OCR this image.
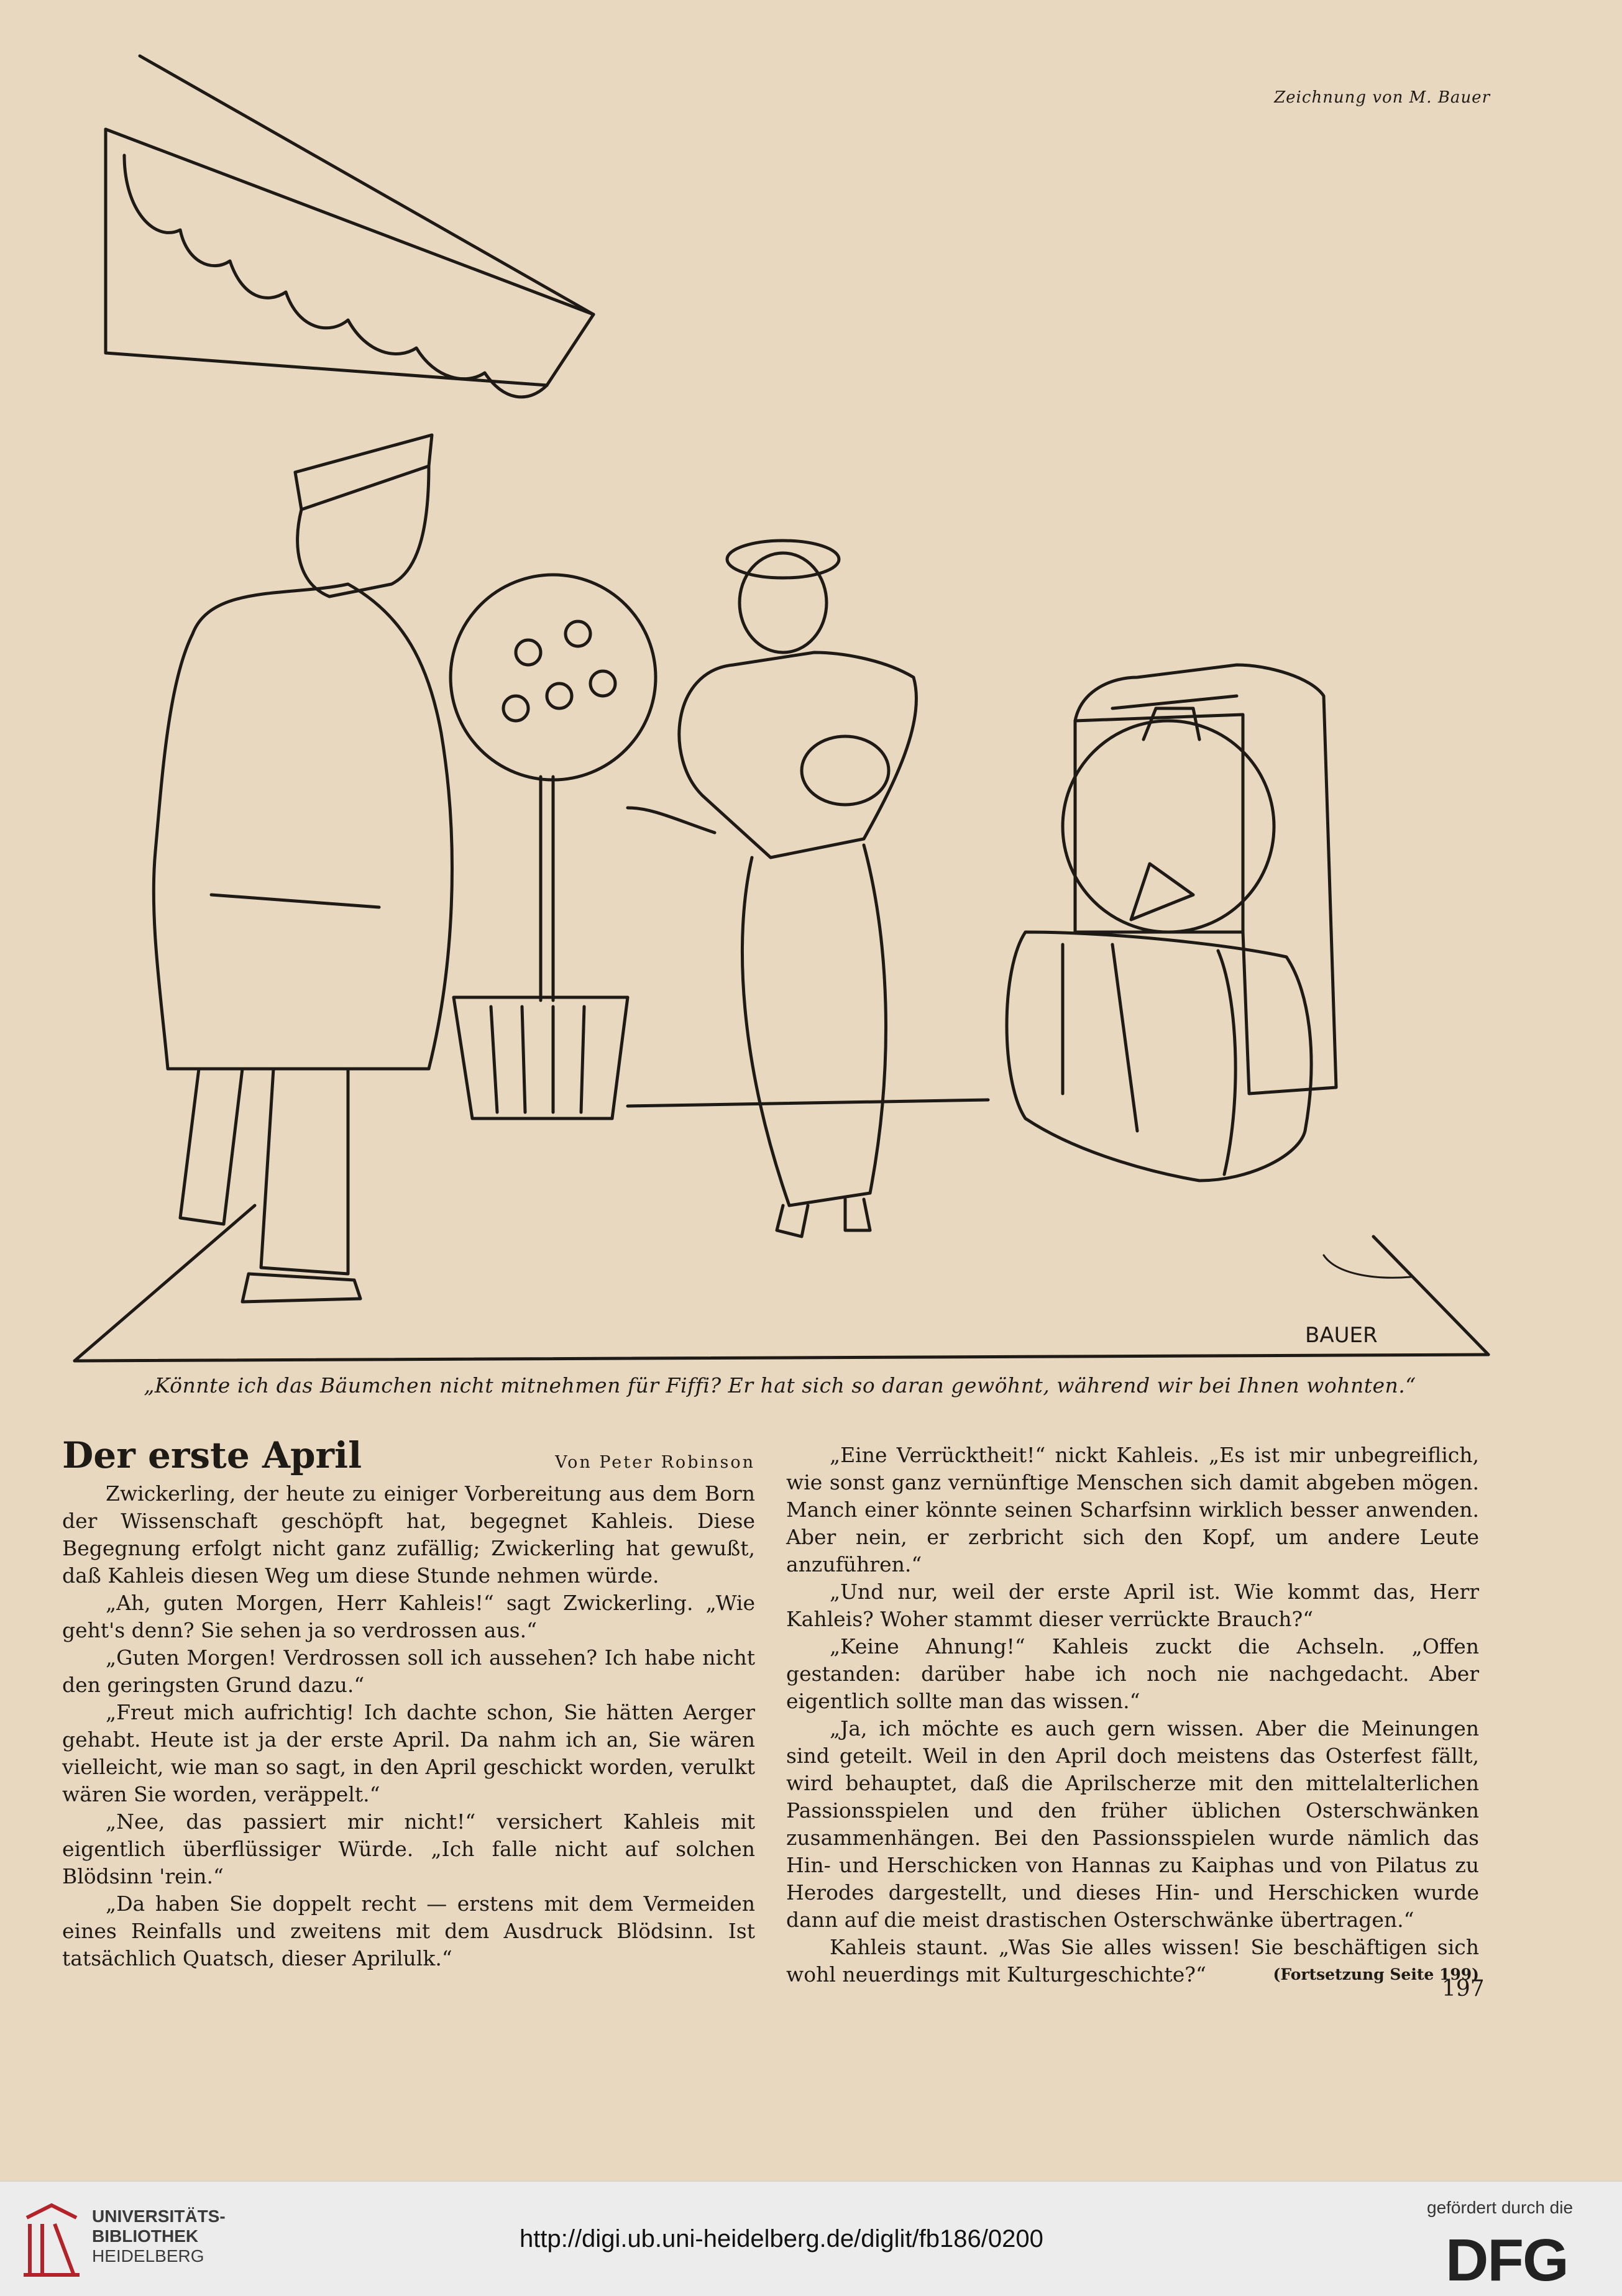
Zeichnung von M. Bauer
BAUER
„Könnte ich das Bäumchen nicht mitnehmen für Fiffi? Er hat sich so daran gewöhnt, während wir bei Ihnen wohnten.“
Der erste April	Von Peter Robinson

Zwickerling, der heute zu einiger Vorbereitung aus dem Born der Wissenschaft geschöpft hat, begegnet Kahleis. Diese Begegnung erfolgt nicht ganz zufällig; Zwickerling hat gewußt, daß Kahleis diesen Weg um diese Stunde nehmen würde.

„Ah, guten Morgen, Herr Kahleis!“ sagt Zwickerling. „Wie geht's denn? Sie sehen ja so verdrossen aus.“

„Guten Morgen! Verdrossen soll ich aussehen? Ich habe nicht den geringsten Grund dazu.“

„Freut mich aufrichtig! Ich dachte schon, Sie hätten Aerger gehabt. Heute ist ja der erste April. Da nahm ich an, Sie wären vielleicht, wie man so sagt, in den April geschickt worden, verulkt wären Sie worden, veräppelt.“

„Nee, das passiert mir nicht!“ versichert Kahleis mit eigentlich überflüssiger Würde. „Ich falle nicht auf solchen Blödsinn 'rein.“

„Da haben Sie doppelt recht — erstens mit dem Vermeiden eines Reinfalls und zweitens mit dem Ausdruck Blödsinn. Ist tatsächlich Quatsch, dieser Aprilulk.“

„Eine Verrücktheit!“ nickt Kahleis. „Es ist mir unbegreiflich, wie sonst ganz vernünftige Menschen sich damit abgeben mögen. Manch einer könnte seinen Scharfsinn wirklich besser anwenden. Aber nein, er zerbricht sich den Kopf, um andere Leute anzuführen.“

„Und nur, weil der erste April ist. Wie kommt das, Herr Kahleis? Woher stammt dieser verrückte Brauch?“

„Keine Ahnung!“ Kahleis zuckt die Achseln. „Offen gestanden: darüber habe ich noch nie nachgedacht. Aber eigentlich sollte man das wissen.“

„Ja, ich möchte es auch gern wissen. Aber die Meinungen sind geteilt. Weil in den April doch meistens das Osterfest fällt, wird behauptet, daß die Aprilscherze mit den mittelalterlichen Passionsspielen und den früher üblichen Osterschwänken zusammenhängen. Bei den Passionsspielen wurde nämlich das Hin- und Herschicken von Hannas zu Kaiphas und von Pilatus zu Herodes dargestellt, und dieses Hin- und Herschicken wurde dann auf die meist drastischen Osterschwänke übertragen.“

Kahleis staunt. „Was Sie alles wissen! Sie beschäftigen sich wohl neuerdings mit Kulturgeschichte?“	(Fortsetzung Seite 199)

197
UNIVERSITÄTS-
BIBLIOTHEK
HEIDELBERG
http://digi.ub.uni-heidelberg.de/diglit/fb186/0200
gefördert durch die
DFG
